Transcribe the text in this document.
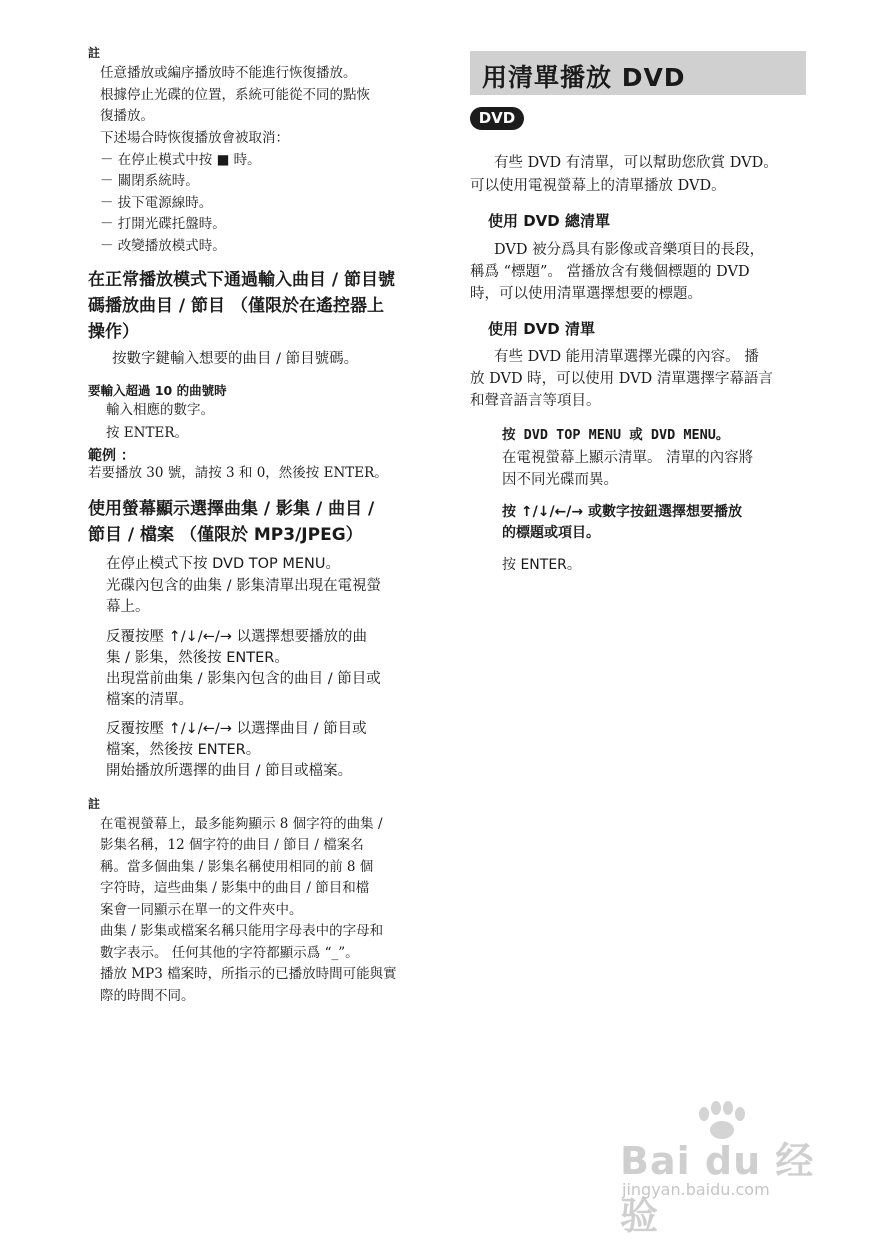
註
任意播放或編序播放時不能進行恢復播放。
根據停止光碟的位置，系統可能從不同的點恢
復播放。
下述場合時恢復播放會被取消：
－ 在停止模式中按 ■ 時。
－ 關閉系統時。
－ 拔下電源線時。
－ 打開光碟托盤時。
－ 改變播放模式時。
在正常播放模式下通過輸入曲目 / 節目號
碼播放曲目 / 節目 （僅限於在遙控器上
操作）
按數字鍵輸入想要的曲目 / 節目號碼。
要輸入超過 10 的曲號時
輸入相應的數字。
按 ENTER。
範例 ：
若要播放 30 號，請按 3 和 0，然後按 ENTER。
使用螢幕顯示選擇曲集 / 影集 / 曲目 /
節目 / 檔案 （僅限於 MP3/JPEG）
在停止模式下按 DVD TOP MENU。
光碟內包含的曲集 / 影集清單出現在電視螢
幕上。
反覆按壓 ↑/↓/←/→ 以選擇想要播放的曲
集 / 影集，然後按 ENTER。
出現當前曲集 / 影集內包含的曲目 / 節目或
檔案的清單。
反覆按壓 ↑/↓/←/→ 以選擇曲目 / 節目或
檔案，然後按 ENTER。
開始播放所選擇的曲目 / 節目或檔案。
註
在電視螢幕上，最多能夠顯示 8 個字符的曲集 /
影集名稱，12 個字符的曲目 / 節目 / 檔案名
稱。當多個曲集 / 影集名稱使用相同的前 8 個
字符時，這些曲集 / 影集中的曲目 / 節目和檔
案會一同顯示在單一的文件夾中。
曲集 / 影集或檔案名稱只能用字母表中的字母和
數字表示。 任何其他的字符都顯示爲 “_”。
播放 MP3 檔案時，所指示的已播放時間可能與實
際的時間不同。
用清單播放 DVD
DVD
有些 DVD 有清單，可以幫助您欣賞 DVD。
可以使用電視螢幕上的清單播放 DVD。
使用 DVD 總清單
DVD 被分爲具有影像或音樂項目的長段，
稱爲 “標題”。 當播放含有幾個標題的 DVD
時，可以使用清單選擇想要的標題。
使用 DVD 清單
有些 DVD 能用清單選擇光碟的內容。 播
放 DVD 時，可以使用 DVD 清單選擇字幕語言
和聲音語言等項目。
按 DVD TOP MENU 或 DVD MENU。
在電視螢幕上顯示清單。 清單的內容將
因不同光碟而異。
按 ↑/↓/←/→ 或數字按鈕選擇想要播放
的標題或項目。
按 ENTER。
Bai du 经验
jingyan.baidu.com
